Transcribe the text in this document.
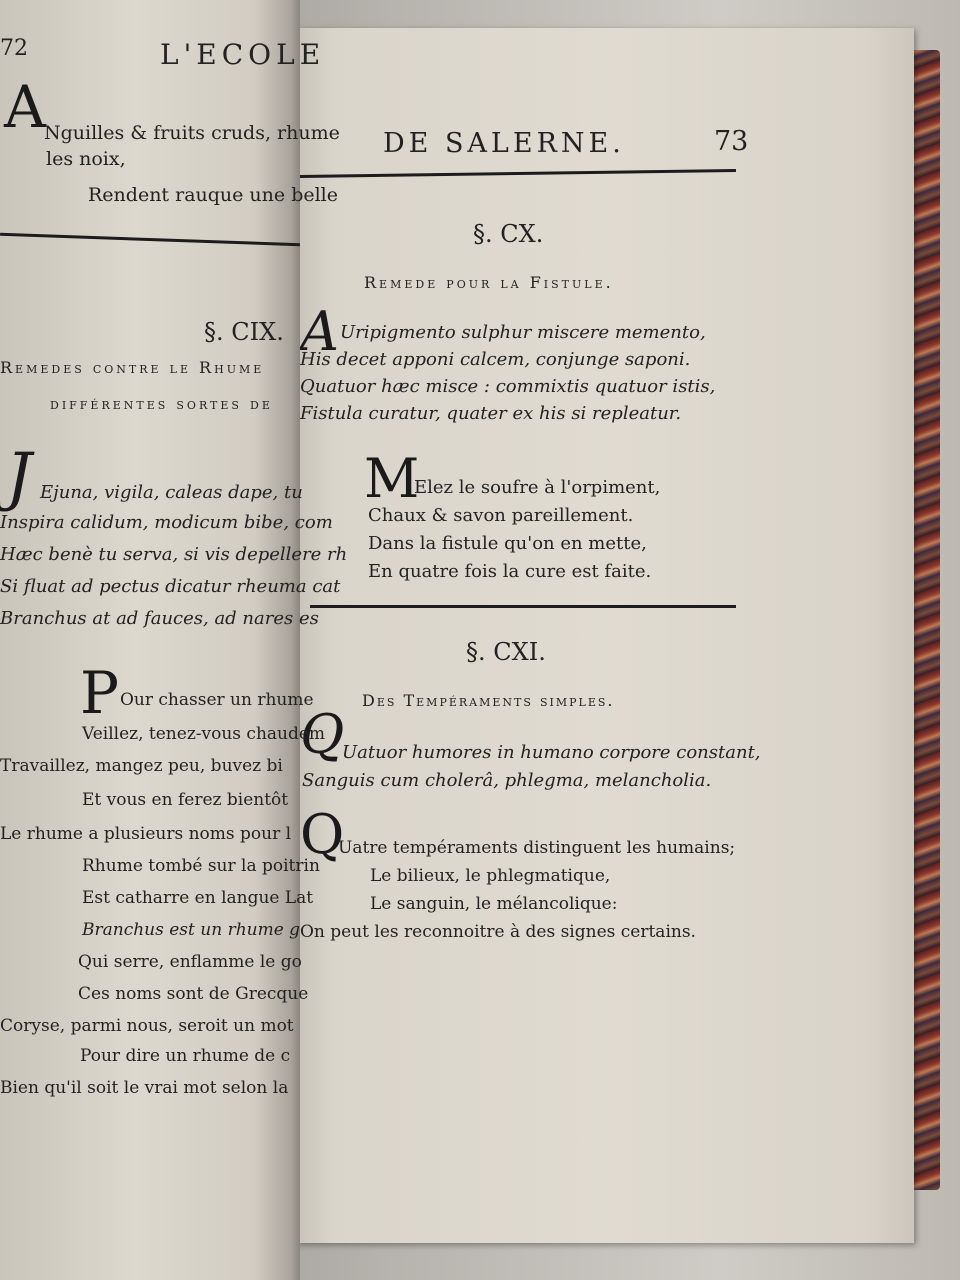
DE SALERNE.	73
§. CX.
Remede pour la Fistule.
A Uripigmento sulphur miscere memento,
His decet apponi calcem, conjunge saponi.
Quatuor hæc misce : commixtis quatuor istis,
Fistula curatur, quater ex his si repleatur.
M
Elez le soufre à l'orpiment,
Chaux & savon pareillement.
Dans la fistule qu'on en mette,
En quatre fois la cure est faite.
§. CXI.
Des Tempéraments simples.
Q
Uatuor humores in humano corpore constant,
Sanguis cum cholerâ, phlegma, melancholia.
Q
Uatre tempéraments distinguent les humains;
Le bilieux, le phlegmatique,
Le sanguin, le mélancolique:
On peut les reconnoitre à des signes certains.
72	L'ECOLE
A
Nguilles & fruits cruds, rhume
les noix,
Rendent rauque une belle
§. CIX.
Remedes contre le Rhume
différentes sortes de
J Ejuna, vigila, caleas dape, tu
Inspira calidum, modicum bibe, com
Hæc benè tu serva, si vis depellere rh
Si fluat ad pectus dicatur rheuma cat
Branchus at ad fauces, ad nares es
P Our chasser un rhume
Veillez, tenez-vous chaudem
Travaillez, mangez peu, buvez bi
Et vous en ferez bientôt
Le rhume a plusieurs noms pour l
Rhume tombé sur la poitrin
Est catharre en langue Lat
Branchus est un rhume g
Qui serre, enflamme le go
Ces noms sont de Grecque
Coryse, parmi nous, seroit un mot
Pour dire un rhume de c
Bien qu'il soit le vrai mot selon la
